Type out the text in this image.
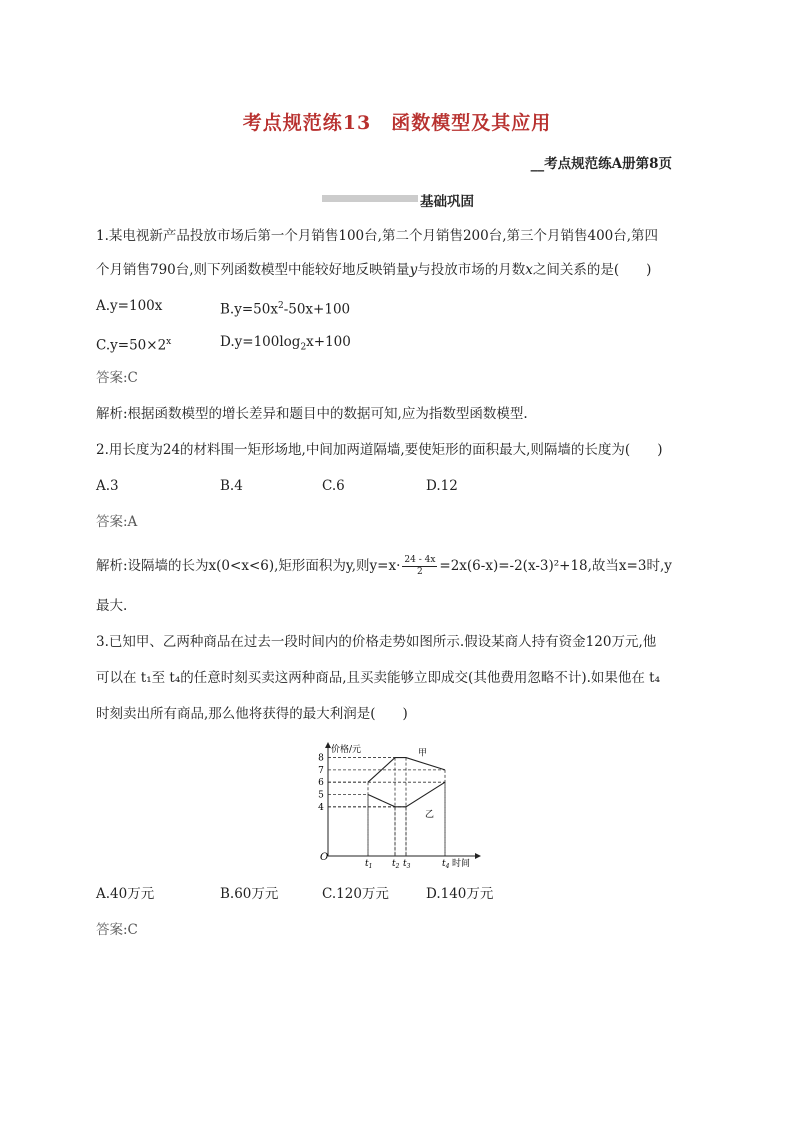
考点规范练13　函数模型及其应用
__考点规范练A册第8页
基础巩固
1.某电视新产品投放市场后第一个月销售100台,第二个月销售200台,第三个月销售400台,第四
个月销售790台,则下列函数模型中能较好地反映销量y与投放市场的月数x之间关系的是(　　)
A.y=100x	$B.y=50x^2-50x+100$
$C.y=50\times 2^x$	$D.y=100\log_2x+100$
答案:C
解析:根据函数模型的增长差异和题目中的数据可知,应为指数型函数模型.
2.用长度为24的材料围一矩形场地,中间加两道隔墙,要使矩形的面积最大,则隔墙的长度为(　　)
A.3	B.4	C.6	D.12
答案:A
解析:设隔墙的长为x(0<x<6),矩形面积为y,则$y=x\cdot \frac{24 - 4x}{2} =2x(6-x)=-2(x-3)^2+18$,故当x=3时,y
最大.
3.已知甲、乙两种商品在过去一段时间内的价格走势如图所示.假设某商人持有资金120万元,他
可以在 t₁至 t₄的任意时刻买卖这两种商品,且买卖能够立即成交(其他费用忽略不计).如果他在 t₄
时刻卖出所有商品,那么他将获得的最大利润是(　　)
价格/元
时间
O
4
5
6
7
8
$t_1$ $t_2$ $t_3$	$t_4$
甲
乙
A.40万元	B.60万元	C.120万元	D.140万元
答案:C
